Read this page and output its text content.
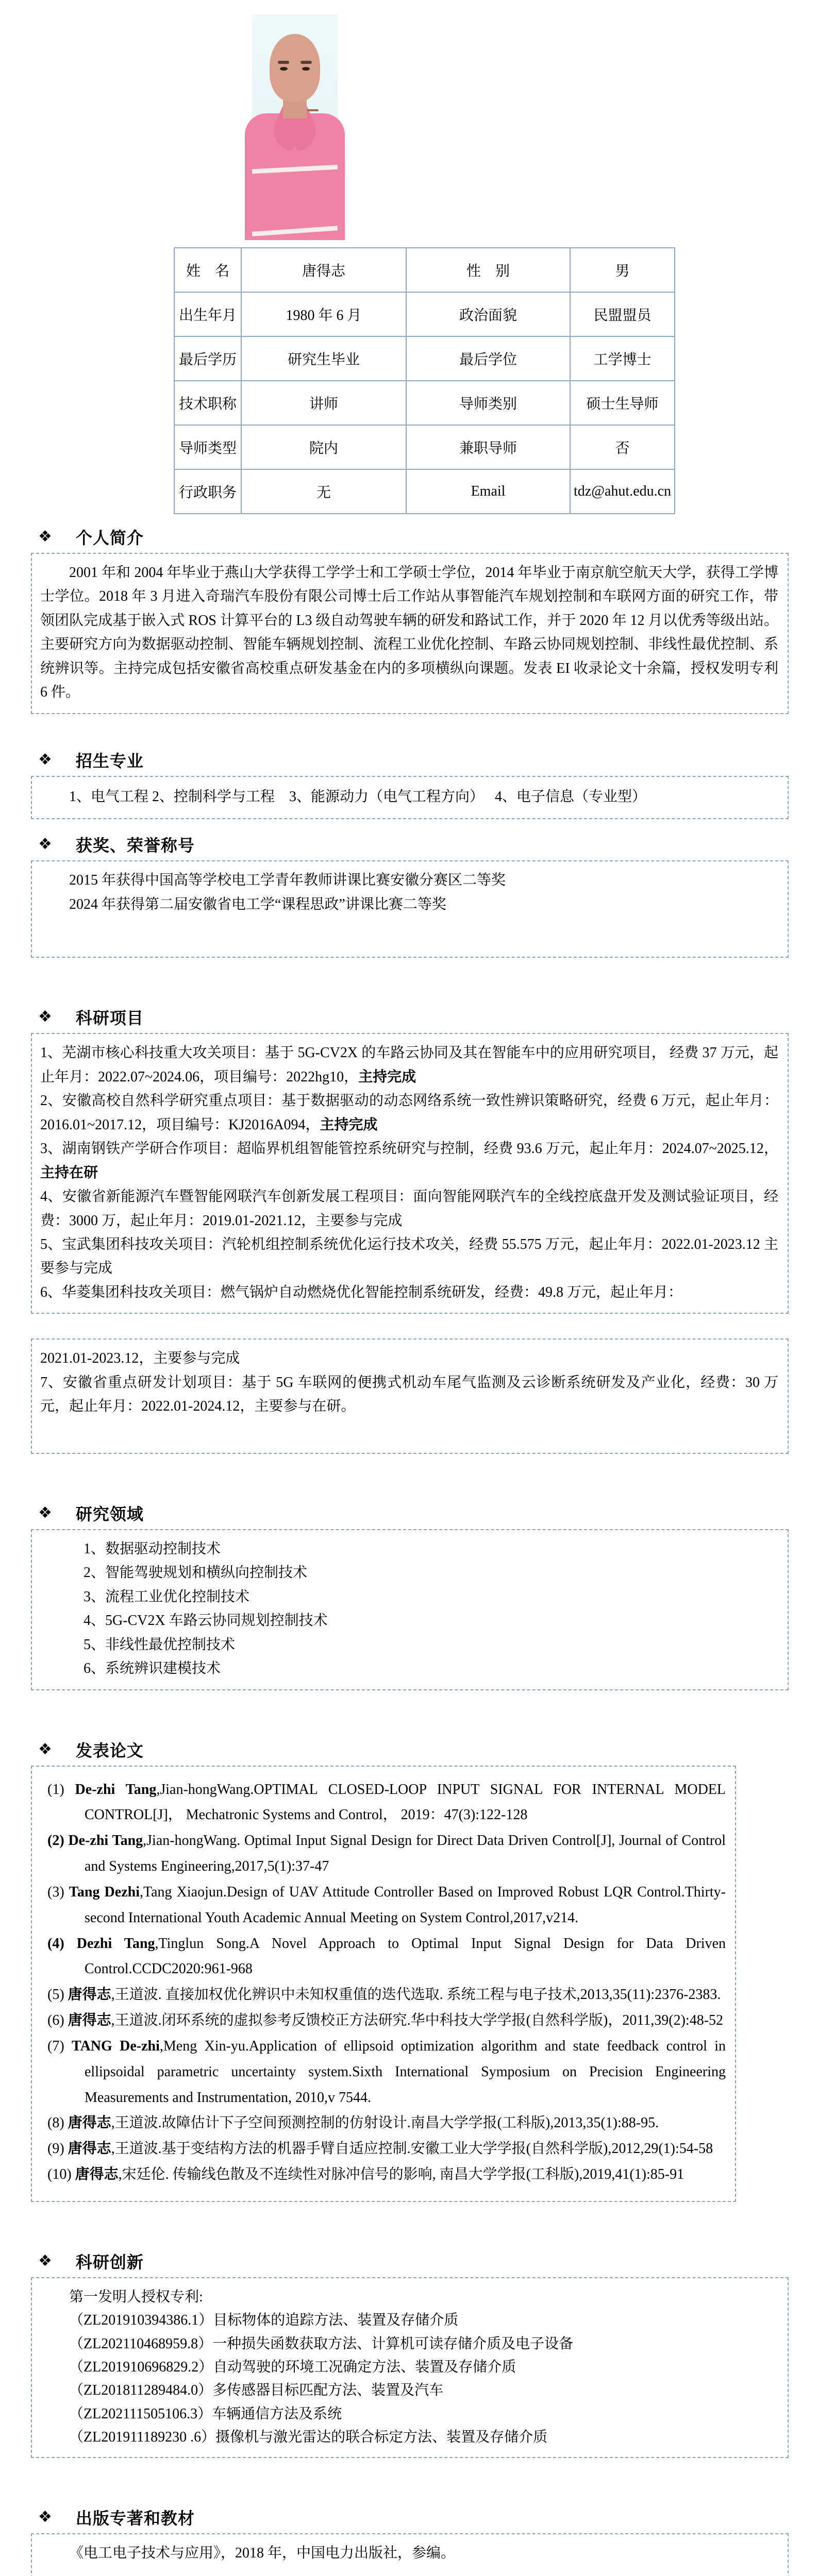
姓　名	唐得志	性　别	男
出生年月	1980 年 6 月	政治面貌	民盟盟员
最后学历	研究生毕业	最后学位	工学博士
技术职称	讲师	导师类别	硕士生导师
导师类型	院内	兼职导师	否
行政职务	无	Email	tdz@ahut.edu.cn
❖ 个人简介

2001 年和 2004 年毕业于燕山大学获得工学学士和工学硕士学位，2014 年毕业于南京航空航天大学，获得工学博士学位。2018 年 3 月进入奇瑞汽车股份有限公司博士后工作站从事智能汽车规划控制和车联网方面的研究工作，带领团队完成基于嵌入式 ROS 计算平台的 L3 级自动驾驶车辆的研发和路试工作，并于 2020 年 12 月以优秀等级出站。主要研究方向为数据驱动控制、智能车辆规划控制、流程工业优化控制、车路云协同规划控制、非线性最优控制、系统辨识等。主持完成包括安徽省高校重点研发基金在内的多项横纵向课题。发表 EI 收录论文十余篇，授权发明专利 6 件。

❖ 招生专业

1、电气工程 2、控制科学与工程　3、能源动力（电气工程方向）　 4、电子信息（专业型）

❖ 获奖、荣誉称号

2015 年获得中国高等学校电工学青年教师讲课比赛安徽分赛区二等奖

2024 年获得第二届安徽省电工学“课程思政”讲课比赛二等奖

❖ 科研项目

1、芜湖市核心科技重大攻关项目：基于 5G-CV2X 的车路云协同及其在智能车中的应用研究项目， 经费 37 万元，起止年月：2022.07~2024.06，项目编号：2022hg10，主持完成

2、安徽高校自然科学研究重点项目：基于数据驱动的动态网络系统一致性辨识策略研究，经费 6 万元，起止年月：2016.01~2017.12，项目编号：KJ2016A094，主持完成

3、湖南钢铁产学研合作项目：超临界机组智能管控系统研究与控制，经费 93.6 万元，起止年月：2024.07~2025.12，主持在研

4、安徽省新能源汽车暨智能网联汽车创新发展工程项目：面向智能网联汽车的全线控底盘开发及测试验证项目，经费：3000 万，起止年月：2019.01-2021.12，主要参与完成

5、宝武集团科技攻关项目：汽轮机组控制系统优化运行技术攻关，经费 55.575 万元，起止年月：2022.01-2023.12 主要参与完成

6、华菱集团科技攻关项目：燃气锅炉自动燃烧优化智能控制系统研发，经费：49.8 万元，起止年月：

2021.01-2023.12，主要参与完成

7、安徽省重点研发计划项目：基于 5G 车联网的便携式机动车尾气监测及云诊断系统研发及产业化，经费：30 万元，起止年月：2022.01-2024.12，主要参与在研。

❖ 研究领域

1、数据驱动控制技术

2、智能驾驶规划和横纵向控制技术

3、流程工业优化控制技术

4、5G-CV2X 车路云协同规划控制技术

5、非线性最优控制技术

6、系统辨识建模技术

❖ 发表论文

(1) De-zhi Tang,Jian-hongWang.OPTIMAL CLOSED-LOOP INPUT SIGNAL FOR INTERNAL MODEL CONTROL[J]， Mechatronic Systems and Control， 2019：47(3):122-128

(2) De-zhi Tang,Jian-hongWang. Optimal Input Signal Design for Direct Data Driven Control[J], Journal of Control and Systems Engineering,2017,5(1):37-47

(3) Tang Dezhi,Tang Xiaojun.Design of UAV Attitude Controller Based on Improved Robust LQR Control.Thirty-second International Youth Academic Annual Meeting on System Control,2017,v214.

(4) Dezhi Tang,Tinglun Song.A Novel Approach to Optimal Input Signal Design for Data Driven Control.CCDC2020:961-968

(5) 唐得志,王道波. 直接加权优化辨识中未知权重值的迭代选取. 系统工程与电子技术,2013,35(11):2376-2383.

(6) 唐得志,王道波.闭环系统的虚拟参考反馈校正方法研究.华中科技大学学报(自然科学版)，2011,39(2):48-52

(7) TANG De-zhi,Meng Xin-yu.Application of ellipsoid optimization algorithm and state feedback control in ellipsoidal parametric uncertainty system.Sixth International Symposium on Precision Engineering Measurements and Instrumentation, 2010,v 7544.

(8) 唐得志,王道波.故障估计下子空间预测控制的仿射设计.南昌大学学报(工科版),2013,35(1):88-95.

(9) 唐得志,王道波.基于变结构方法的机器手臂自适应控制.安徽工业大学学报(自然科学版),2012,29(1):54-58

(10) 唐得志,宋廷伦. 传输线色散及不连续性对脉冲信号的影响, 南昌大学学报(工科版),2019,41(1):85-91

❖ 科研创新

第一发明人授权专利:

（ZL201910394386.1）目标物体的追踪方法、装置及存储介质

（ZL202110468959.8）一种损失函数获取方法、计算机可读存储介质及电子设备

（ZL201910696829.2）自动驾驶的环境工况确定方法、装置及存储介质

（ZL201811289484.0）多传感器目标匹配方法、装置及汽车

（ZL202111505106.3）车辆通信方法及系统

（ZL201911189230 .6）摄像机与激光雷达的联合标定方法、装置及存储介质

❖ 出版专著和教材

《电工电子技术与应用》，2018 年，中国电力出版社，参编。
